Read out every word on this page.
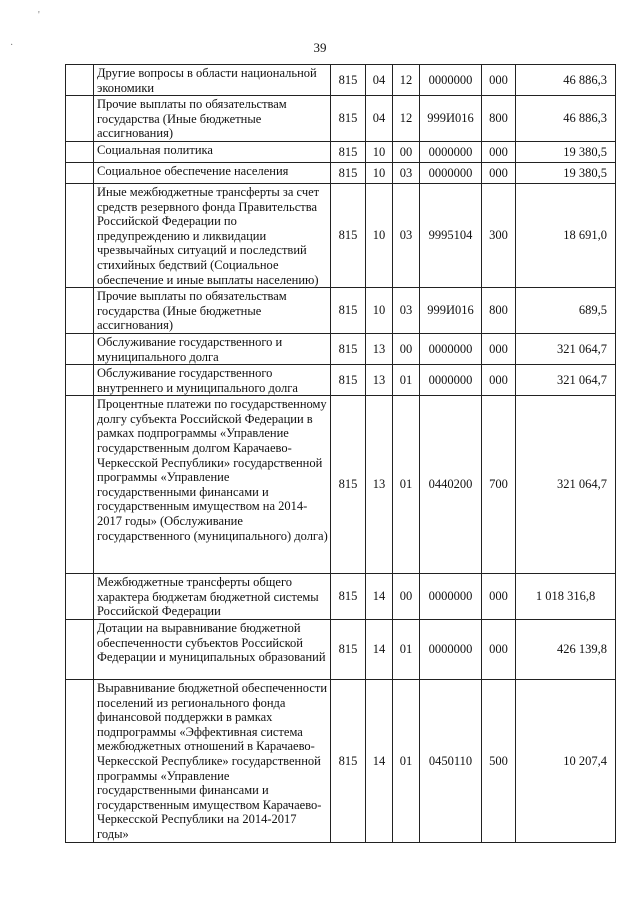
39
'
·
	Другие вопросы в области национальной экономики	815	04	12	0000000	000	46 886,3
	Прочие выплаты по обязательствам государства (Иные бюджетные ассигнования)	815	04	12	999И016	800	46 886,3
	Социальная политика	815	10	00	0000000	000	19 380,5
	Социальное обеспечение населения	815	10	03	0000000	000	19 380,5
	Иные межбюджетные трансферты за счет средств резервного фонда Правительства Российской Федерации по предупреждению и ликвидации чрезвычайных ситуаций и последствий стихийных бедствий (Социальное обеспечение и иные выплаты населению)	815	10	03	9995104	300	18 691,0
	Прочие выплаты по обязательствам государства (Иные бюджетные ассигнования)	815	10	03	999И016	800	689,5
	Обслуживание государственного и муниципального долга	815	13	00	0000000	000	321 064,7
	Обслуживание государственного внутреннего и муниципального долга	815	13	01	0000000	000	321 064,7
	Процентные платежи по государственному долгу субъекта Российской Федерации в рамках подпрограммы «Управление государственным долгом Карачаево-Черкесской Республики» государственной программы «Управление государственными финансами и государственным имуществом на 2014-2017 годы» (Обслуживание государственного (муниципального) долга)	815	13	01	0440200	700	321 064,7
	Межбюджетные трансферты общего характера бюджетам бюджетной системы Российской Федерации	815	14	00	0000000	000	1 018 316,8
	Дотации на выравнивание бюджетной обеспеченности субъектов Российской Федерации и муниципальных образований	815	14	01	0000000	000	426 139,8
	Выравнивание бюджетной обеспеченности поселений из регионального фонда финансовой поддержки в рамках подпрограммы «Эффективная система межбюджетных отношений в Карачаево-Черкесской Республике» государственной программы «Управление государственными финансами и государственным имуществом Карачаево-Черкесской Республики на 2014-2017 годы»	815	14	01	0450110	500	10 207,4
